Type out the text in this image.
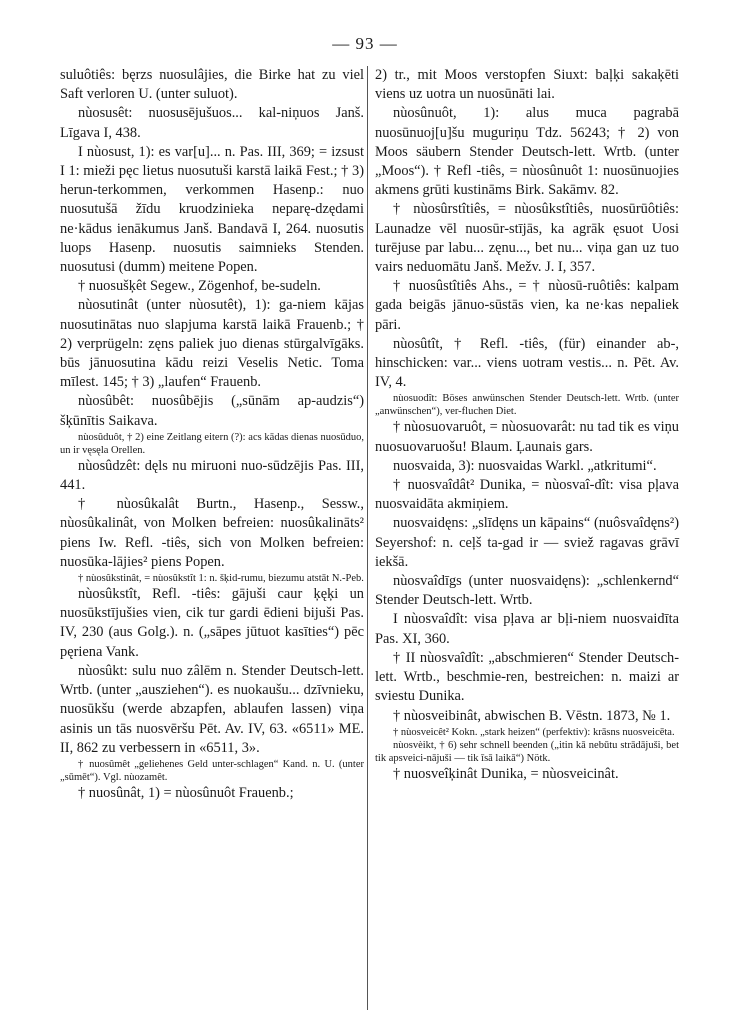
— 93 —

suluôtiês: bęrzs nuosulâjies, die Birke hat zu viel Saft verloren U. (unter suluot).

nùosusêt: nuosusējušuos... kal-niņuos Janš. Līgava I, 438.

I nùosust, 1): es var[u]... n. Pas. III, 369; = izsust I 1: mieži pęc lietus nuosutuši karstā laikā Fest.; † 3) herun-terkommen, verkommen Hasenp.: nuo nuosutušā žīdu kruodzinieka neparę-dzędami ne·kādus ienākumus Janš. Bandavā I, 264. nuosutis luops Hasenp. nuosutis saimnieks Stenden. nuosutusi (dumm) meitene Popen.

† nuosušķêt Segew., Zögenhof, be-sudeln.

nùosutinât (unter nùosutêt), 1): ga-niem kājas nuosutinātas nuo slapjuma karstā laikā Frauenb.; † 2) verprügeln: zęns paliek juo dienas stūrgalvīgāks. būs jānuosutina kādu reizi Veselis Netic. Toma mīlest. 145; † 3) „laufen“ Frauenb.

nùosûbêt: nuosûbējis („sūnām ap-audzis“) šķūnītis Saikava.

nùosûduôt, † 2) eine Zeitlang eitern (?): acs kādas dienas nuosūduo, un ir vęsęla Orellen.

nùosûdzêt: dęls nu miruoni nuo-sūdzējis Pas. III, 441.

† nùosûkalât Burtn., Hasenp., Sessw., nùosûkalinât, von Molken befreien: nuosûkalināts² piens Iw. Refl. -tiês, sich von Molken befreien: nuosūka-lājies² piens Popen.

† nùosûkstinât, = nùosûkstît 1: n. šķid-rumu, biezumu atstāt N.-Peb.

nùosûkstît, Refl. -tiês: gājuši caur ķęķi un nuosūkstījušies vien, cik tur gardi ēdieni bijuši Pas. IV, 230 (aus Golg.). n. („sāpes jūtuot kasīties“) pēc pęriena Vank.

nùosûkt: sulu nuo zâlēm n. Stender Deutsch-lett. Wrtb. (unter „ausziehen“). es nuokaušu... dzīvnieku, nuosūkšu (werde abzapfen, ablaufen lassen) viņa asinis un tās nuosvēršu Pēt. Av. IV, 63. «6511» ME. II, 862 zu verbessern in «6511, 3».

† nuosûmêt „geliehenes Geld unter-schlagen“ Kand. n. U. (unter „sūmēt“). Vgl. nùozamêt.

† nuosûnât, 1) = nùosûnuôt Frauenb.;

2) tr., mit Moos verstopfen Siuxt: baļķi sakaķēti viens uz uotra un nuosūnāti lai.

nùosûnuôt, 1): alus muca pagrabā nuosūnuoj[u]šu muguriņu Tdz. 56243; † 2) von Moos säubern Stender Deutsch-lett. Wrtb. (unter „Moos“). † Refl -tiês, = nùosûnuôt 1: nuosūnuojies akmens grūti kustināms Birk. Sakāmv. 82.

† nùosûrstîtiês, = nùosûkstîtiês, nuosūrūôtiês: Launadze vēl nuosūr-stījās, ka agrāk ęsuot Uosi turējuse par labu... zęnu..., bet nu... viņa gan uz tuo vairs neduomātu Janš. Mežv. J. I, 357.

† nuosûstîtiês Ahs., = † nùosū-ruôtiês: kalpam gada beigās jānuo-sūstās vien, ka ne·kas nepaliek pāri.

nùosûtît, † Refl. -tiês, (für) einander ab-, hinschicken: var... viens uotram vestis... n. Pēt. Av. IV, 4.

nùosuodît: Böses anwünschen Stender Deutsch-lett. Wrtb. (unter „anwünschen“), ver-fluchen Diet.

† nùosuovaruôt, = nùosuovarât: nu tad tik es viņu nuosuovaruošu! Blaum. Ļaunais gars.

nuosvaida, 3): nuosvaidas Warkl. „atkritumi“.

† nuosvaîdât² Dunika, = nùosvaî-dît: visa pļava nuosvaidāta akmiņiem.

nuosvaidęns: „slīdęns un kāpains“ (nuôsvaîdęns²) Seyershof: n. ceļš ta-gad ir — sviež ragavas grāvī iekšā.

nùosvaîdīgs (unter nuosvaidęns): „schlenkernd“ Stender Deutsch-lett. Wrtb.

I nùosvaîdît: visa pļava ar bļi-niem nuosvaidīta Pas. XI, 360.

† II nùosvaîdît: „abschmieren“ Stender Deutsch-lett. Wrtb., beschmie-ren, bestreichen: n. maizi ar sviestu Dunika.

† nùosveibinât, abwischen B. Vēstn. 1873, № 1.

† nùosveicêt² Kokn. „stark heizen“ (perfektiv): krāsns nuosveicēta.

nùosvèikt, † 6) sehr schnell beenden („itin kā nebūtu strādājuši, bet tik apsveici-nājuši — tik īsā laikā“) Nötk.

† nuosveîķinât Dunika, = nùosveicinât.
